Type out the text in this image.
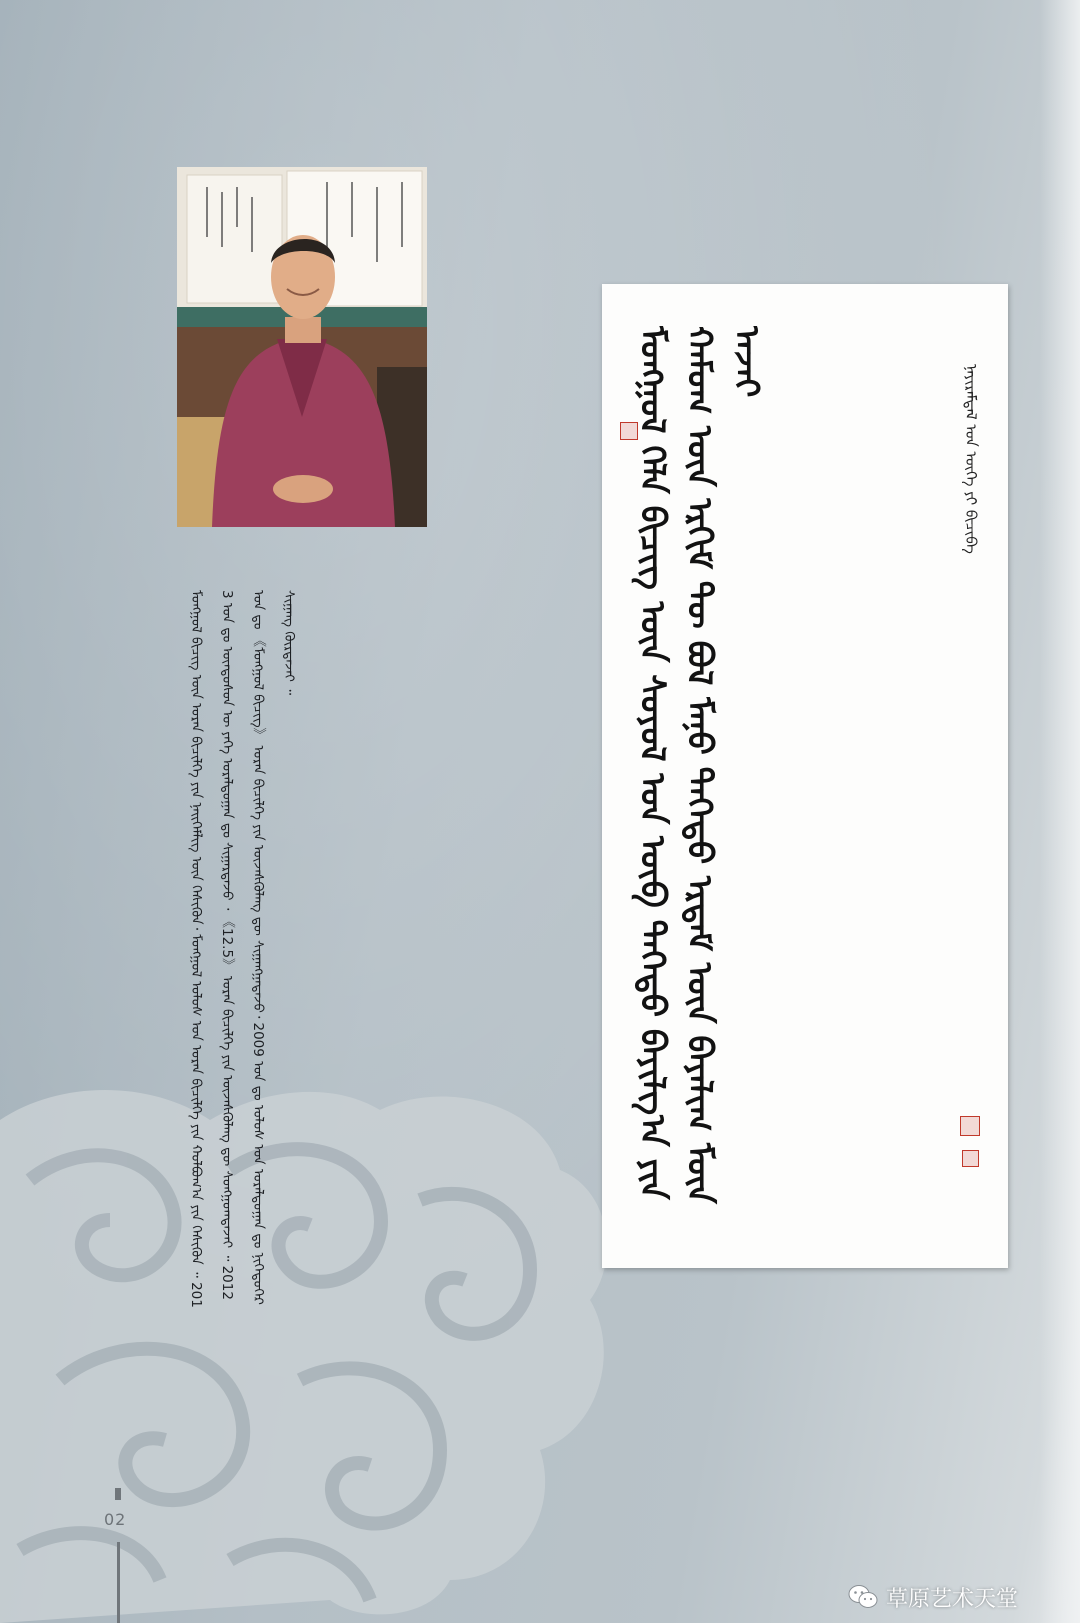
ᠮᠣᠩᠭᠣᠯ ᠪᠢᠴᠢᠭ᠌ ᠦᠨ ᠤᠷᠠᠨ ᠪᠢᠴᠢᠯᠭᠡ ᠶᠢᠨ ᠨᠡᠢᠭᠡᠮᠯᠢᠭ ᠦᠨ ᠭᠡᠰᠢᠭᠦᠨ᠂ ᠮᠣᠩᠭᠣᠯ ᠤᠯᠤᠰ ᠤᠨ ᠤᠷᠠᠨ ᠪᠢᠴᠢᠯᠭᠡ ᠶᠢᠨ ᠬᠣᠯᠪᠣᠭ᠎ᠠ ᠶᠢᠨ ᠭᠡᠰᠢᠭᠦᠨ ᠃ 2013 ᠣᠨ ᠳᠤ ᠦᠨᠳᠦᠰᠦᠨ ᠦ ᠶᠡᠬᠡ ᠤᠷᠠᠯᠳᠤᠭᠠᠨ ᠳᠤ ᠰᠢᠭᠠᠷᠳᠠᠵᠤ ᠂ 《12.5》 ᠤᠷᠠᠨ ᠪᠢᠴᠢᠯᠭᠡ ᠶᠢᠨ ᠦᠵᠡᠰᠬᠦᠯᠡᠩ ᠳᠦ ᠰᠣᠩᠭᠣᠭᠳᠠᠵᠠᠢ ᠃ 2012 ᠣᠨ ᠳᠤ 《ᠮᠣᠩᠭᠣᠯ ᠪᠢᠴᠢᠭ᠌》 ᠤᠷᠠᠨ ᠪᠢᠴᠢᠯᠭᠡ ᠶᠢᠨ ᠦᠵᠡᠰᠬᠦᠯᠡᠩ ᠳᠦ ᠰᠢᠭᠠᠩᠭᠠᠳᠠᠵᠤ᠂ 2009 ᠣᠨ ᠳᠤ ᠤᠯᠤᠰ ᠤᠨ ᠤᠷᠠᠯᠳᠤᠭᠠᠨ ᠳᠤ ᠨᠢᠭᠡᠳᠦᠭᠡᠷ ᠰᠢᠭᠠᠩ ᠬᠦᠷᠲᠡᠵᠡᠢ ᠃	ᠮᠣᠩᠭᠣᠯ ᠬᠡᠯᠡ ᠪᠢᠴᠢᠭ᠌ ᠦᠨ ᠰᠣᠶᠣᠯ ᠤᠨ ᠥᠪ ᠳᠡᠭᠡᠳᠦ ᠪᠠᠶᠢᠯᠭ᠎ᠠ ᠶᠢᠨ ᠬᠠᠮᠤᠭ ᠦᠨ ᠡᠷᠬᠢᠮ ᠲᠦ ᠪᠣᠯ ᠮᠠᠨᠤ ᠳᠡᠭᠡᠳᠦ ᠡᠷᠳᠡᠮ ᠦᠨ ᠪᠠᠶᠠᠯᠢᠭ ᠮᠥᠨ ᠠᠵᠠᠢ
ᠨᠠᠶᠢᠷᠠᠮᠳᠠᠯ ᠤᠨ ᠦᠭᠡ ᠶᠢ ᠪᠢᠴᠢᠪᠡ
02
草原艺术天堂
